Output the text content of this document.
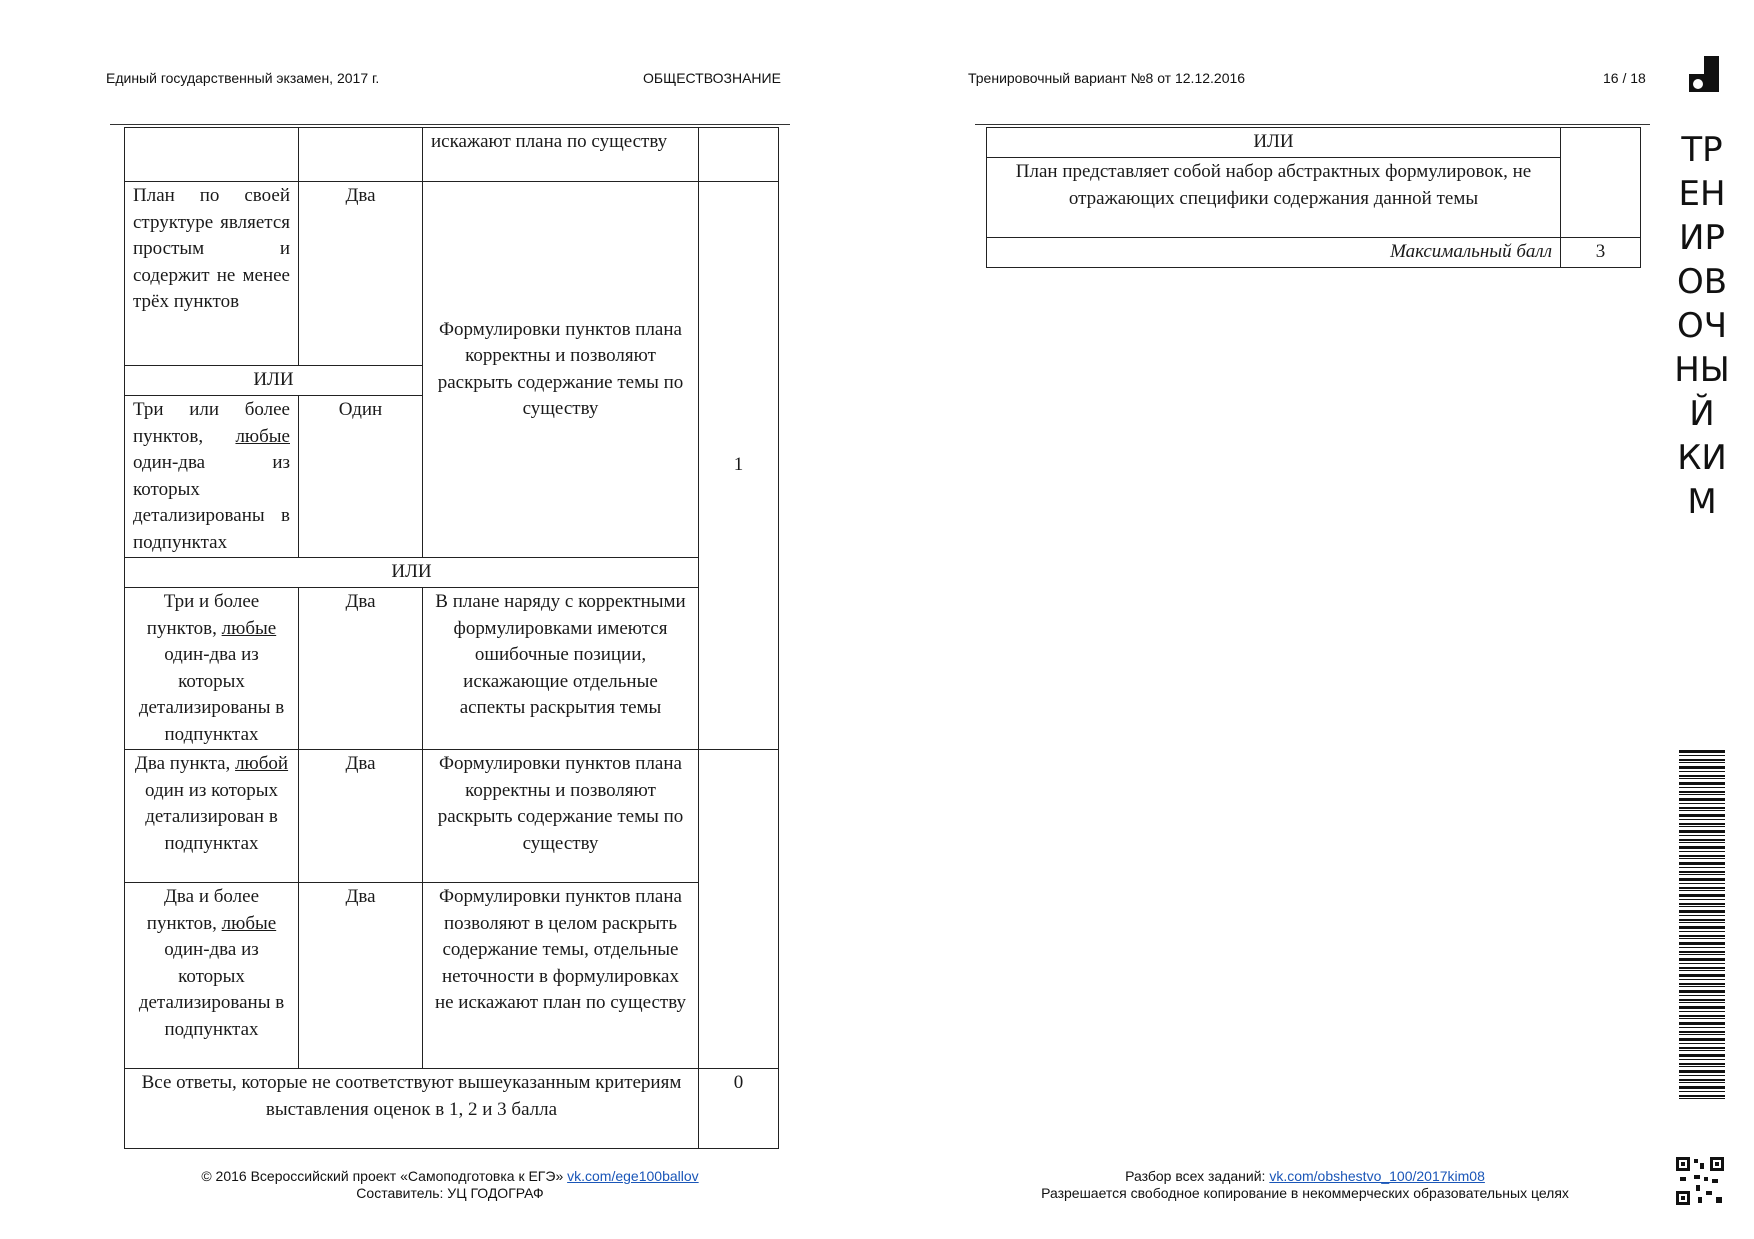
Единый государственный экзамен, 2017 г.	ОБЩЕСТВОЗНАНИЕ	Тренировочный вариант №8 от 12.12.2016	16 / 18
		искажают плана по существу	
План по своей структуре является простым и содержит не менее трёх пунктов	Два	Формулировки пунктов плана корректны и позволяют раскрыть содержание темы по существу	1
ИЛИ			
Три или более пунктов, любые один-два из которых детализированы в подпунктах	Один		
ИЛИ			
Три и более пунктов, любые один-два из которых детализированы в подпунктах	Два	В плане наряду с корректными формулировками имеются ошибочные позиции, искажающие отдельные аспекты раскрытия темы	
Два пункта, любой один из которых детализирован в подпунктах	Два	Формулировки пунктов плана корректны и позволяют раскрыть содержание темы по существу	
Два и более пунктов, любые один-два из которых детализированы в подпунктах	Два	Формулировки пунктов плана позволяют в целом раскрыть содержание темы, отдельные неточности в формулировках не искажают план по существу	
Все ответы, которые не соответствуют вышеуказанным критериям
выставления оценок в 1, 2 и 3 балла			0
ИЛИ	
План представляет собой набор абстрактных формулировок, не
отражающих специфики содержания данной темы	
Максимальный балл	3
© 2016 Всероссийский проект «Самоподготовка к ЕГЭ» vk.com/ege100ballov
Составитель: УЦ ГОДОГРАФ
Разбор всех заданий: vk.com/obshestvo_100/2017kim08
Разрешается свободное копирование в некоммерческих образовательных целях
ТРЕНИРОВОЧНЫЙ КИМ
